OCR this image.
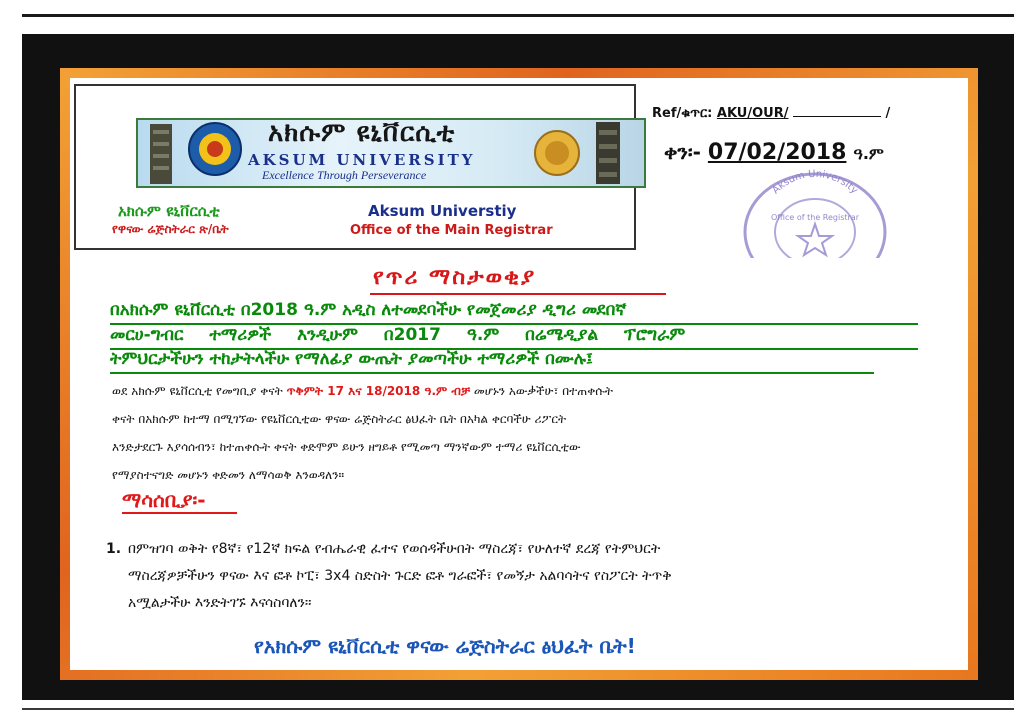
አክሱም ዩኒቨርሲቲ
AKSUM UNIVERSITY
Excellence Through Perseverance
አክሱም ዩኒቨርሲቲ
የዋናው ሬጅስትራር ጽ/ቤት
Aksum Universtiy
Office of the Main Registrar
Ref/ቁጥር: AKU/OUR/	/
ቀን፡- 07/02/2018 ዓ.ም
Aksum University
Office of the Registrar
የጥሪ ማስታወቂያ
በአክሱም ዩኒቨርሲቲ በ2018 ዓ.ም አዲስ ለተመደባችሁ የመጀመሪያ ዲግሪ መደበኛ
መርሀ-ግብር ተማሪዎች እንዲሁም በ2017 ዓ.ም በሬሜዲያል ፕሮግራም
ትምህርታችሁን ተከታትላችሁ የማለፊያ ውጤት ያመጣችሁ ተማሪዎች በሙሉ፤
ወደ አክሱም ዩኒቨርሲቲ የመግቢያ ቀናት ጥቅምት 17 እና 18/2018 ዓ.ም ብቻ መሆኑን አውቃችሁ፣ በተጠቀሱት
ቀናት በአክሱም ከተማ በሚገኘው የዩኒቨርሲቲው ዋናው ሬጅስትራር ፅህፈት ቤት በአካል ቀርባችሁ ሪፖርት
እንድታደርጉ እያሳሰብን፣ ከተጠቀሱት ቀናት ቀድሞም ይሁን ዘግይቶ የሚመጣ ማንኛውም ተማሪ ዩኒቨርሲቲው
የማያስተናግድ መሆኑን ቀድመን ለማሳወቅ እንወዳለን።
ማሳሰቢያ፡-
1. በምዝገባ ወቅት የ8ኛ፣ የ12ኛ ክፍል የብሔራዊ ፈተና የወሰዳችሁበት ማስረጃ፣ የሁለተኛ ደረጃ የትምህርት
ማስረጃዎቻችሁን ዋናው እና ፎቶ ኮፒ፣ 3x4 ስድስት ጉርድ ፎቶ ግራፎች፣ የመኝታ አልባሳትና የስፖርት ትጥቅ
አሟልታችሁ እንድትገኙ እናሳስባለን።
የአክሱም ዩኒቨርሲቲ ዋናው ሬጅስትራር ፅህፈት ቤት!
